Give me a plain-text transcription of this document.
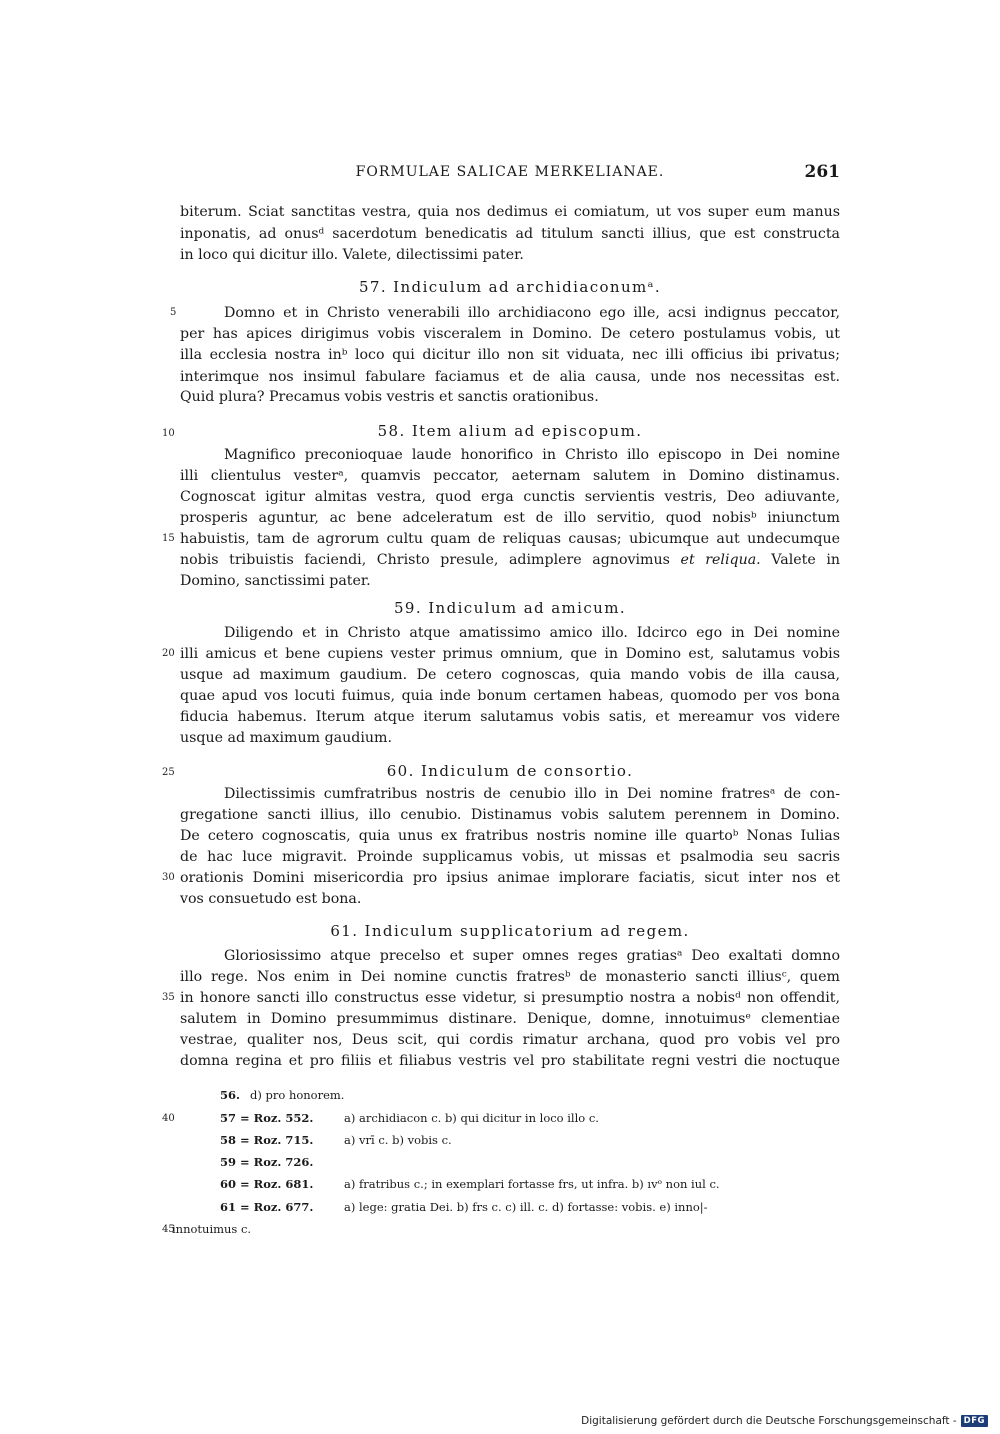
FORMULAE SALICAE MERKELIANAE.	261
biterum. Sciat sanctitas vestra, quia nos dedimus ei comiatum, ut vos super eum manus
inponatis, ad onusᵈ sacerdotum benedicatis ad titulum sancti illius, que est constructa
in loco qui dicitur illo. Valete, dilectissimi pater.
57. Indiculum ad archidiaconumᵃ.
Domno et in Christo venerabili illo archidiacono ego ille, acsi indignus peccator,
per has apices dirigimus vobis visceralem in Domino. De cetero postulamus vobis, ut
illa ecclesia nostra inᵇ loco qui dicitur illo non sit viduata, nec illi officius ibi privatus;
interimque nos insimul fabulare faciamus et de alia causa, unde nos necessitas est.
Quid plura? Precamus vobis vestris et sanctis orationibus.
58. Item alium ad episcopum.
Magnifico preconioquae laude honorifico in Christo illo episcopo in Dei nomine
illi clientulus vesterᵃ, quamvis peccator, aeternam salutem in Domino distinamus.
Cognoscat igitur almitas vestra, quod erga cunctis servientis vestris, Deo adiuvante,
prosperis aguntur, ac bene adceleratum est de illo servitio, quod nobisᵇ iniunctum
habuistis, tam de agrorum cultu quam de reliquas causas; ubicumque aut undecumque
nobis tribuistis faciendi, Christo presule, adimplere agnovimus et reliqua. Valete in
Domino, sanctissimi pater.
59. Indiculum ad amicum.
Diligendo et in Christo atque amatissimo amico illo. Idcirco ego in Dei nomine
illi amicus et bene cupiens vester primus omnium, que in Domino est, salutamus vobis
usque ad maximum gaudium. De cetero cognoscas, quia mando vobis de illa causa,
quae apud vos locuti fuimus, quia inde bonum certamen habeas, quomodo per vos bona
fiducia habemus. Iterum atque iterum salutamus vobis satis, et mereamur vos videre
usque ad maximum gaudium.
60. Indiculum de consortio.
Dilectissimis cumfratribus nostris de cenubio illo in Dei nomine fratresᵃ de con-
gregatione sancti illius, illo cenubio. Distinamus vobis salutem perennem in Domino.
De cetero cognoscatis, quia unus ex fratribus nostris nomine ille quartoᵇ Nonas Iulias
de hac luce migravit. Proinde supplicamus vobis, ut missas et psalmodia seu sacris
orationis Domini misericordia pro ipsius animae implorare faciatis, sicut inter nos et
vos consuetudo est bona.
61. Indiculum supplicatorium ad regem.
Gloriosissimo atque precelso et super omnes reges gratiasᵃ Deo exaltati domno
illo rege. Nos enim in Dei nomine cunctis fratresᵇ de monasterio sancti illiusᶜ, quem
in honore sancti illo constructus esse videtur, si presumptio nostra a nobisᵈ non offendit,
salutem in Domino presummimus distinare. Denique, domne, innotuimusᵉ clementiae
vestrae, qualiter nos, Deus scit, qui cordis rimatur archana, quod pro vobis vel pro
domna regina et pro filiis et filiabus vestris vel pro stabilitate regni vestri die noctuque
5
10
15
20
25
30
35
40
45
56. d) pro honorem.
57 = Roz. 552.	a) archidiacon c. b) qui dicitur in loco illo c.
58 = Roz. 715.	a) vrī c. b) vobis c.
59 = Roz. 726.
60 = Roz. 681.	a) fratribus c.; in exemplari fortasse frs, ut infra. b) ıvᵒ non iul c.
61 = Roz. 677.	a) lege: gratia Dei. b) frs c. c) ill. c. d) fortasse: vobis. e) inno|-
innotuimus c.
Digitalisierung gefördert durch die Deutsche Forschungsgemeinschaft - DFG
